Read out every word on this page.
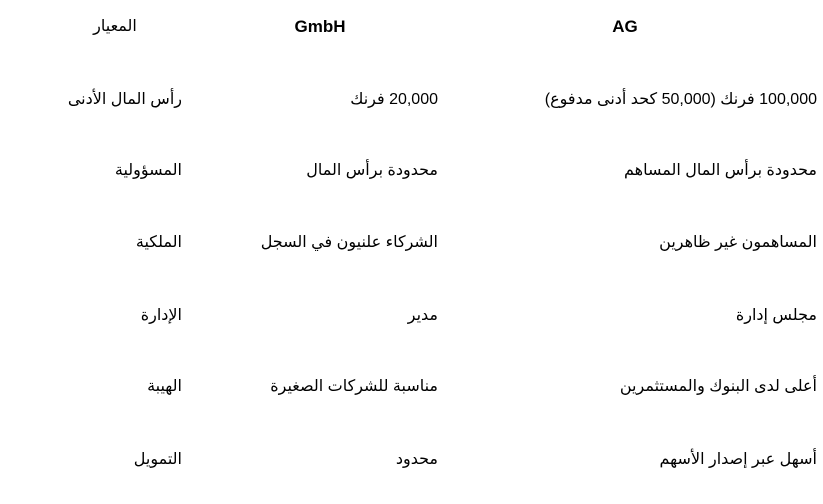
المعيار	GmbH	AG
رأس المال الأدنى	20,000 فرنك	100,000 فرنك (50,000 كحد أدنى مدفوع)
المسؤولية	محدودة برأس المال	محدودة برأس المال المساهم
الملكية	الشركاء علنيون في السجل	المساهمون غير ظاهرين
الإدارة	مدير	مجلس إدارة
الهيبة	مناسبة للشركات الصغيرة	أعلى لدى البنوك والمستثمرين
التمويل	محدود	أسهل عبر إصدار الأسهم
